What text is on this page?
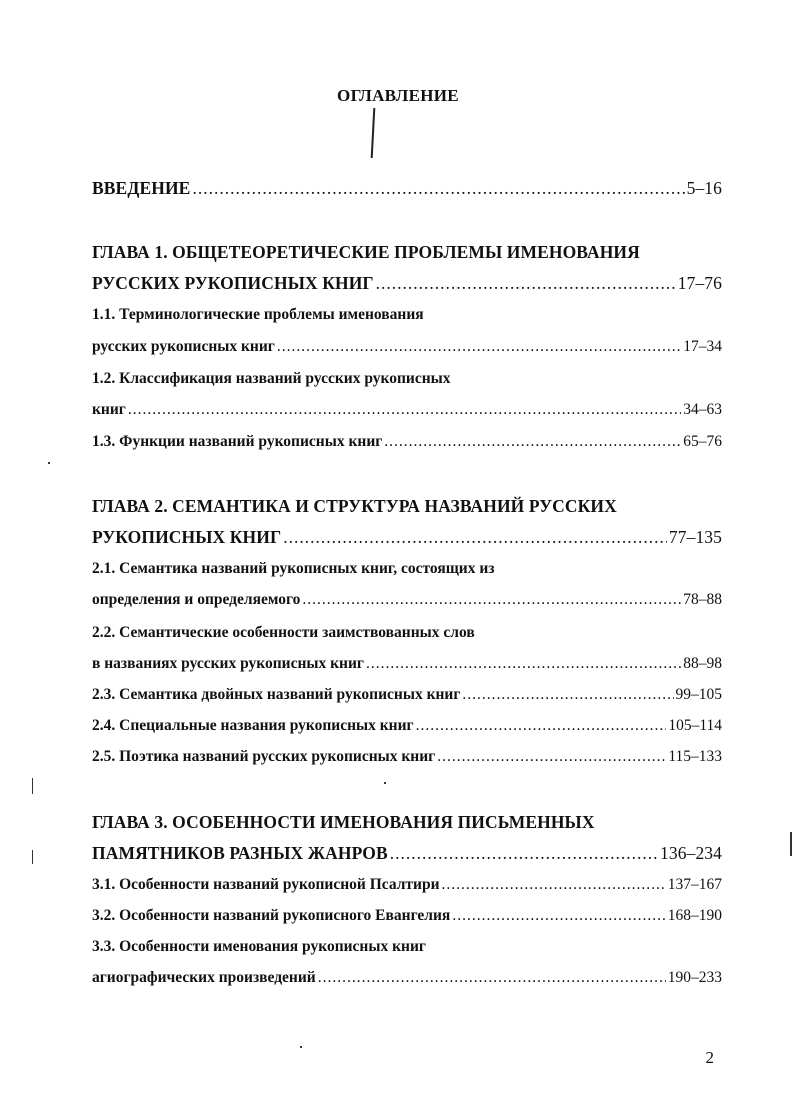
ОГЛАВЛЕНИЕ
ВВЕДЕНИЕ .....	5–16
ГЛАВА 1. ОБЩЕТЕОРЕТИЧЕСКИЕ ПРОБЛЕМЫ ИМЕНОВАНИЯ
РУССКИХ РУКОПИСНЫХ КНИГ .....	17–76
1.1. Терминологические проблемы именования
русских рукописных книг .....	17–34
1.2. Классификация названий русских рукописных
книг .....	34–63
1.3. Функции названий рукописных книг .....	65–76
ГЛАВА 2. СЕМАНТИКА И СТРУКТУРА НАЗВАНИЙ РУССКИХ
РУКОПИСНЫХ КНИГ .....	77–135
2.1. Семантика названий рукописных книг, состоящих из
определения и определяемого .....	78–88
2.2. Семантические особенности заимствованных слов
в названиях русских рукописных книг .....	88–98
2.3. Семантика двойных названий рукописных книг .....	99–105
2.4. Специальные названия рукописных книг .....	105–114
2.5. Поэтика названий русских рукописных книг .....	115–133
ГЛАВА 3. ОСОБЕННОСТИ ИМЕНОВАНИЯ ПИСЬМЕННЫХ
ПАМЯТНИКОВ РАЗНЫХ ЖАНРОВ .....	136–234
3.1. Особенности названий рукописной Псалтири .....	137–167
3.2. Особенности названий рукописного Евангелия .....	168–190
3.3. Особенности именования рукописных книг
агиографических произведений .....	190–233
2
